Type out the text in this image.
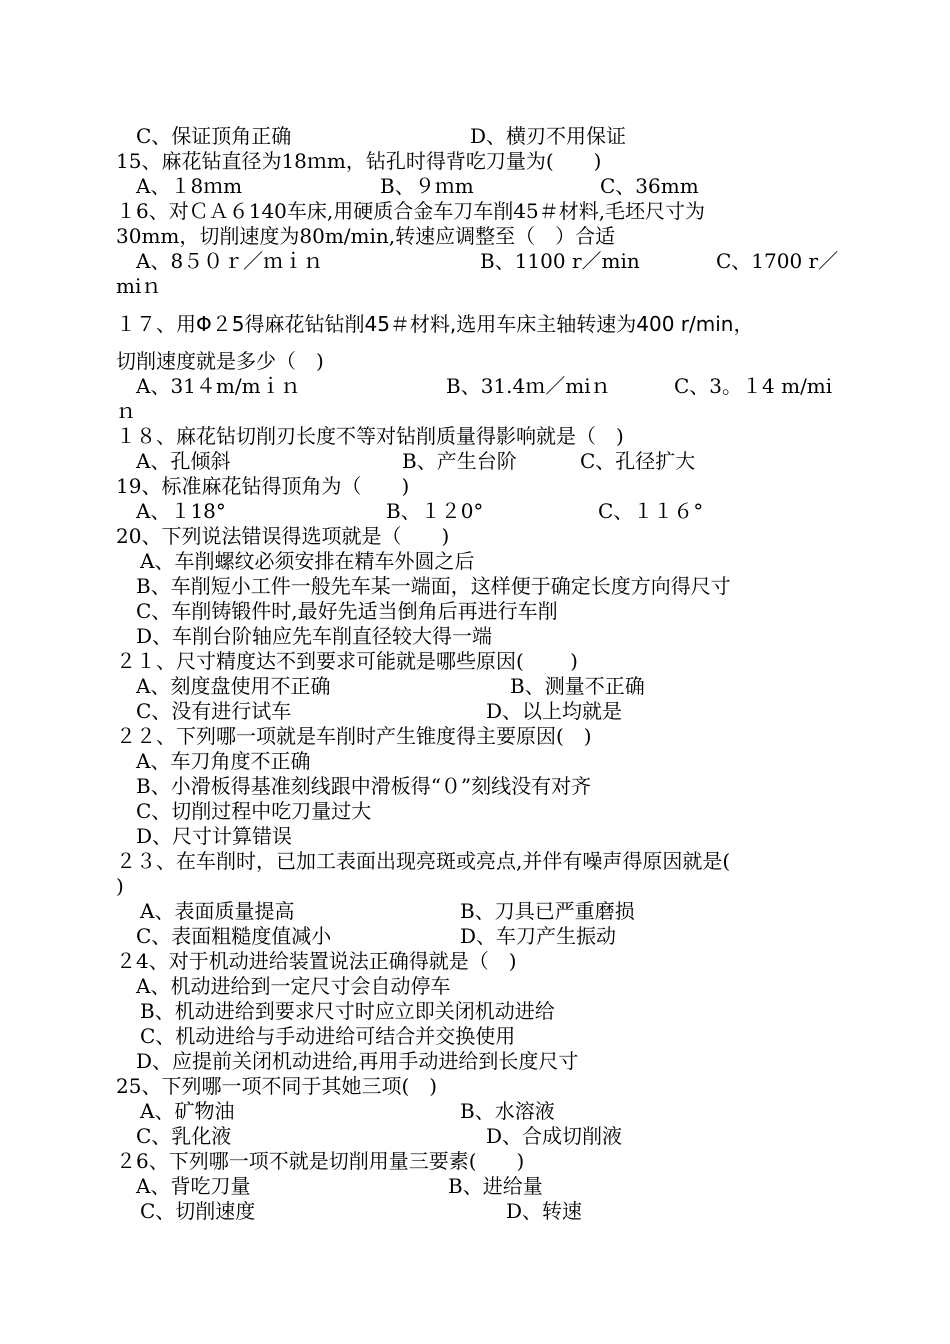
C、保证顶角正确	D、横刃不用保证
15、麻花钻直径为18ｍm，钻孔时得背吃刀量为(　　)
A、１8ｍm	B、９ｍm	C、36mm
１6、对ＣＡ６140车床,用硬质合金车刀车削45＃材料,毛坯尺寸为
30mm，切削速度为80m/min,转速应调整至（　）合适
A、8５０ｒ／ｍｉｎ	B、1100 r／min	C、1700 r／
miｎ
１７、用Φ２5得麻花钻钻削45＃材料,选用车床主轴转速为400 r/min，
切削速度就是多少（　)
A、31４m/mｉｎ	B、31.4ｍ／miｎ	C、3。１4 m/mi
ｎ
１８、麻花钻切削刃长度不等对钻削质量得影响就是（　)
A、孔倾斜	B、产生台阶	C、孔径扩大
19、标准麻花钻得顶角为（　　)
A、１18°	B、１２0°	C、１１６°
20、下列说法错误得选项就是（　　)
A、车削螺纹必须安排在精车外圆之后
B、车削短小工件一般先车某一端面，这样便于确定长度方向得尺寸
C、车削铸锻件时,最好先适当倒角后再进行车削
D、车削台阶轴应先车削直径较大得一端
２１、尺寸精度达不到要求可能就是哪些原因(　　 )
A、刻度盘使用不正确	B、测量不正确
C、没有进行试车	D、以上均就是
２２、下列哪一项就是车削时产生锥度得主要原因(　)
A、车刀角度不正确
B、小滑板得基准刻线跟中滑板得“０”刻线没有对齐
C、切削过程中吃刀量过大
D、尺寸计算错误
２３、在车削时，已加工表面出现亮斑或亮点,并伴有噪声得原因就是(
)
A、表面质量提高	B、刀具已严重磨损
C、表面粗糙度值减小	D、车刀产生振动
２4、对于机动进给装置说法正确得就是（　)
A、机动进给到一定尺寸会自动停车
B、机动进给到要求尺寸时应立即关闭机动进给
C、机动进给与手动进给可结合并交换使用
D、应提前关闭机动进给,再用手动进给到长度尺寸
25、下列哪一项不同于其她三项(　)
A、矿物油	B、水溶液
C、乳化液	D、合成切削液
２6、下列哪一项不就是切削用量三要素(　　)
A、背吃刀量	B、进给量
C、切削速度	D、转速
